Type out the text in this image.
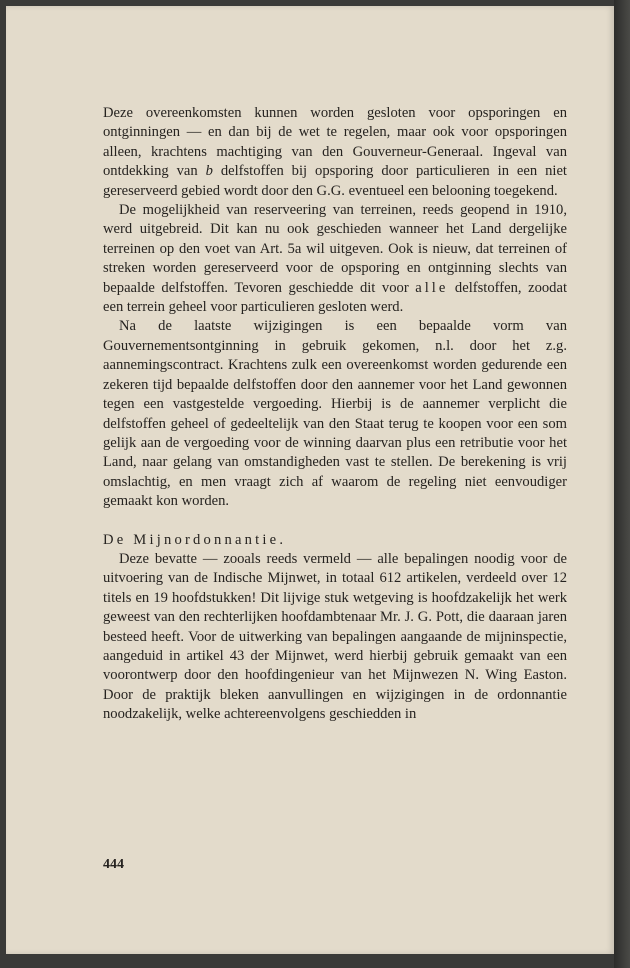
Deze overeenkomsten kunnen worden gesloten voor opsporingen en ontginningen — en dan bij de wet te regelen, maar ook voor opsporingen alleen, krachtens machtiging van den Gouverneur-Generaal. Ingeval van ontdekking van b delfstoffen bij opsporing door particulieren in een niet gereserveerd gebied wordt door den G.G. eventueel een belooning toegekend.

De mogelijkheid van reserveering van terreinen, reeds geopend in 1910, werd uitgebreid. Dit kan nu ook geschieden wanneer het Land dergelijke terreinen op den voet van Art. 5a wil uitgeven. Ook is nieuw, dat terreinen of streken worden gereserveerd voor de opsporing en ontginning slechts van bepaalde delfstoffen. Tevoren geschiedde dit voor alle delfstoffen, zoodat een terrein geheel voor particulieren gesloten werd.

Na de laatste wijzigingen is een bepaalde vorm van Gouvernementsontginning in gebruik gekomen, n.l. door het z.g. aannemingscontract. Krachtens zulk een overeenkomst worden gedurende een zekeren tijd bepaalde delfstoffen door den aannemer voor het Land gewonnen tegen een vastgestelde vergoeding. Hierbij is de aannemer verplicht die delfstoffen geheel of gedeeltelijk van den Staat terug te koopen voor een som gelijk aan de vergoeding voor de winning daarvan plus een retributie voor het Land, naar gelang van omstandigheden vast te stellen. De berekening is vrij omslachtig, en men vraagt zich af waarom de regeling niet eenvoudiger gemaakt kon worden.

De Mijnordonnantie.

Deze bevatte — zooals reeds vermeld — alle bepalingen noodig voor de uitvoering van de Indische Mijnwet, in totaal 612 artikelen, verdeeld over 12 titels en 19 hoofdstukken! Dit lijvige stuk wetgeving is hoofdzakelijk het werk geweest van den rechterlijken hoofdambtenaar Mr. J. G. Pott, die daaraan jaren besteed heeft. Voor de uitwerking van bepalingen aangaande de mijninspectie, aangeduid in artikel 43 der Mijnwet, werd hierbij gebruik gemaakt van een voorontwerp door den hoofdingenieur van het Mijnwezen N. Wing Easton. Door de praktijk bleken aanvullingen en wijzigingen in de ordonnantie noodzakelijk, welke achtereenvolgens geschiedden in

444
